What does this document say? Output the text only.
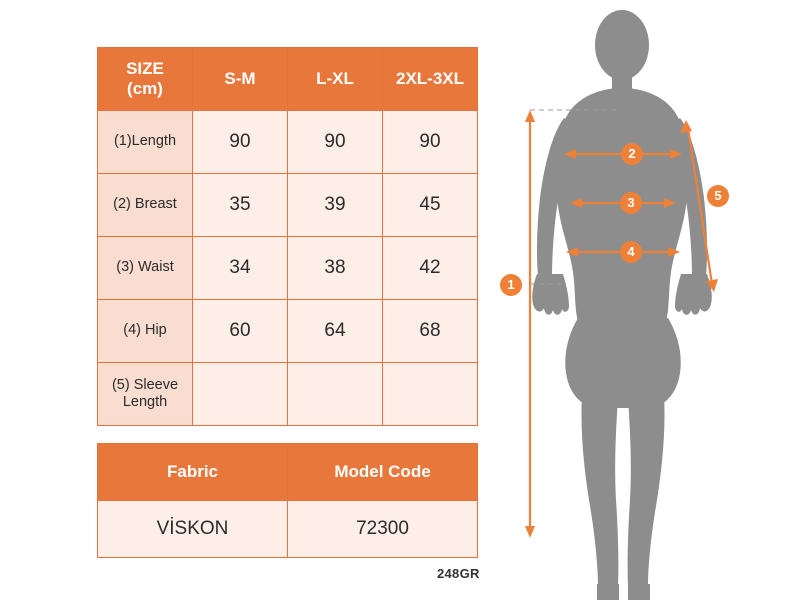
SIZE
(cm)	S-M	L-XL	2XL-3XL
(1)Length	90	90	90
(2) Breast	35	39	45
(3) Waist	34	38	42
(4) Hip	60	64	68

(5) Sleeve
Length			

Fabric	Model Code
VİSKON	72300
248GR
1
2
3
4
5
